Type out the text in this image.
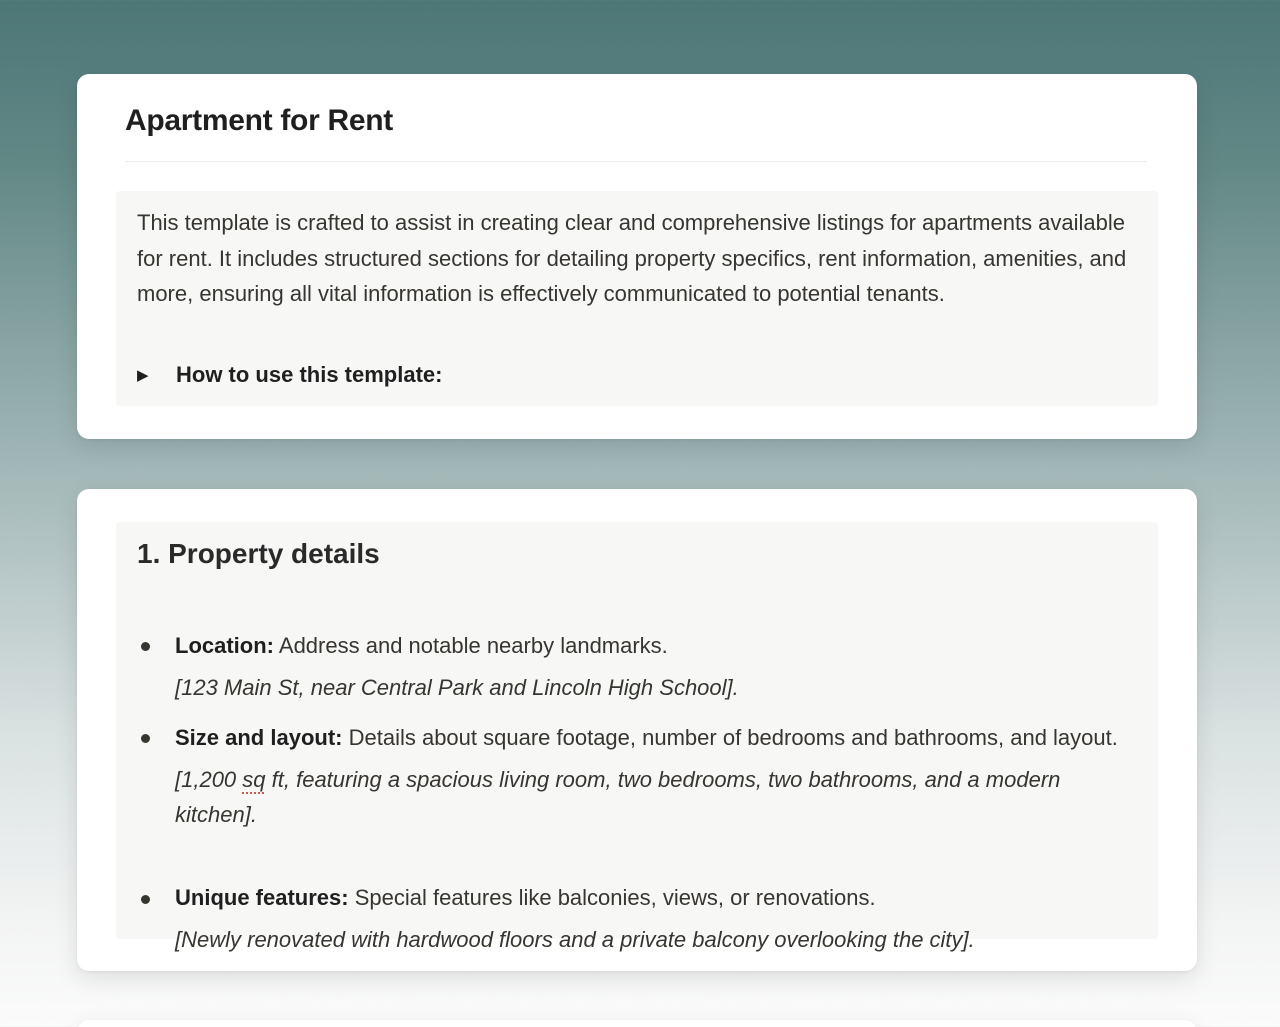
Apartment for Rent

This template is crafted to assist in creating clear and comprehensive listings for apartments available for rent. It includes structured sections for detailing property specifics, rent information, amenities, and more, ensuring all vital information is effectively communicated to potential tenants.

▶	How to use this template:
1. Property details
Location: Address and notable nearby landmarks.
[123 Main St, near Central Park and Lincoln High School].
Size and layout: Details about square footage, number of bedrooms and bathrooms, and layout.
[1,200 sq ft, featuring a spacious living room, two bedrooms, two bathrooms, and a modern kitchen].
Unique features: Special features like balconies, views, or renovations.
[Newly renovated with hardwood floors and a private balcony overlooking the city].
